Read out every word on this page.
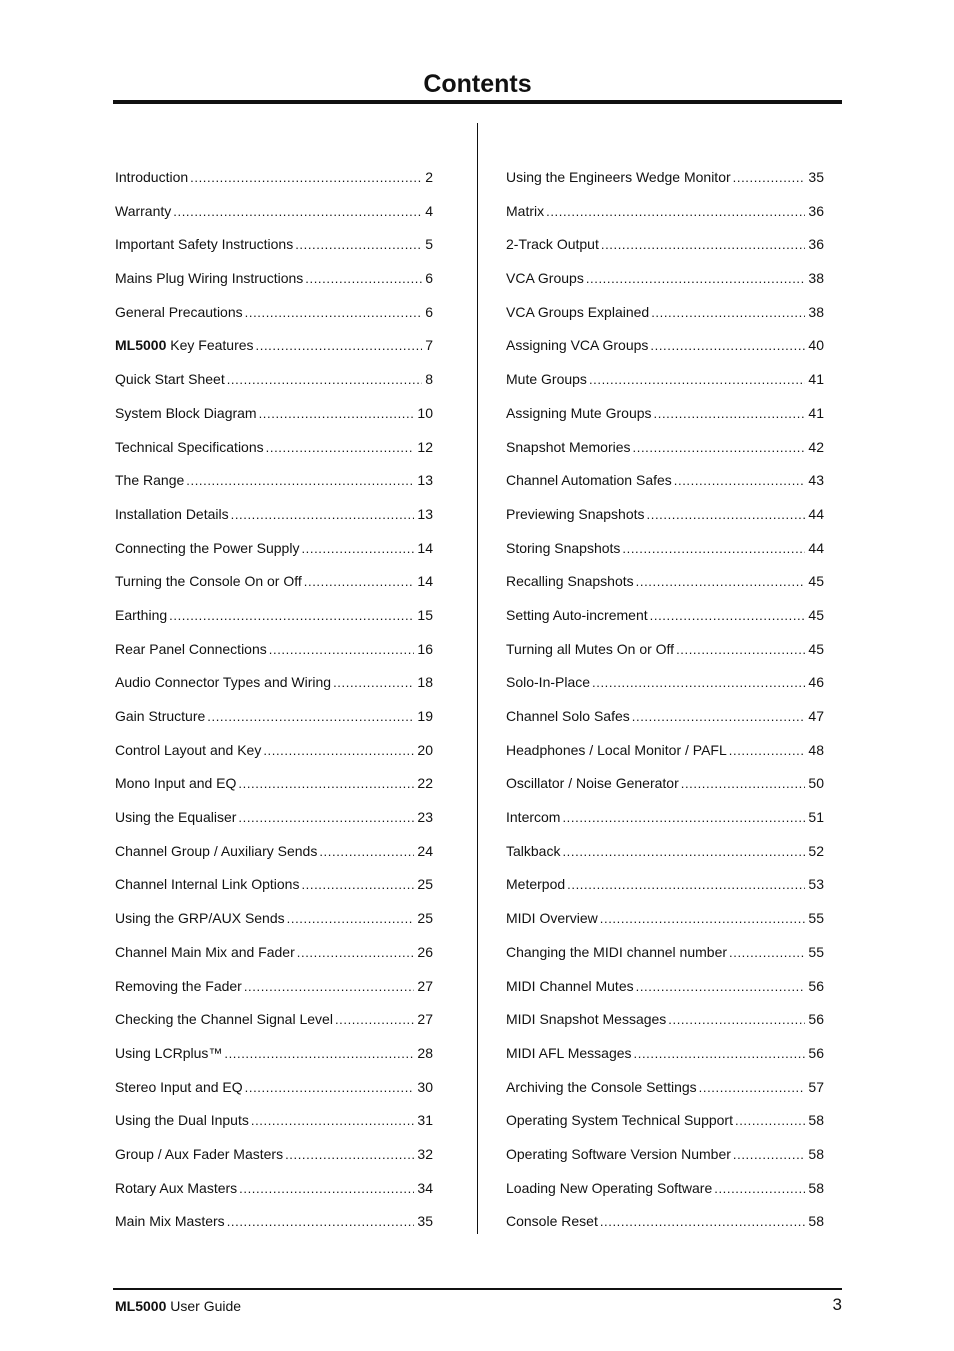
Contents
Introduction .....	2
Warranty .....	4
Important Safety Instructions .....	5
Mains Plug Wiring Instructions .....	6
General Precautions .....	6
ML5000 Key Features .....	7
Quick Start Sheet .....	8
System Block Diagram .....	10
Technical Specifications .....	12
The Range .....	13
Installation Details .....	13
Connecting the Power Supply .....	14
Turning the Console On or Off .....	14
Earthing .....	15
Rear Panel Connections .....	16
Audio Connector Types and Wiring .....	18
Gain Structure .....	19
Control Layout and Key .....	20
Mono Input and EQ .....	22
Using the Equaliser .....	23
Channel Group / Auxiliary Sends .....	24
Channel Internal Link Options .....	25
Using the GRP/AUX Sends .....	25
Channel Main Mix and Fader .....	26
Removing the Fader .....	27
Checking the Channel Signal Level .....	27
Using LCRplus™ .....	28
Stereo Input and EQ .....	30
Using the Dual Inputs .....	31
Group / Aux Fader Masters .....	32
Rotary Aux Masters .....	34
Main Mix Masters .....	35
Using the Engineers Wedge Monitor .....	35
Matrix .....	36
2-Track Output .....	36
VCA Groups .....	38
VCA Groups Explained .....	38
Assigning VCA Groups .....	40
Mute Groups .....	41
Assigning Mute Groups .....	41
Snapshot Memories .....	42
Channel Automation Safes .....	43
Previewing Snapshots .....	44
Storing Snapshots .....	44
Recalling Snapshots .....	45
Setting Auto-increment .....	45
Turning all Mutes On or Off .....	45
Solo-In-Place .....	46
Channel Solo Safes .....	47
Headphones / Local Monitor / PAFL .....	48
Oscillator / Noise Generator .....	50
Intercom .....	51
Talkback .....	52
Meterpod .....	53
MIDI Overview .....	55
Changing the MIDI channel number .....	55
MIDI Channel Mutes .....	56
MIDI Snapshot Messages .....	56
MIDI AFL Messages .....	56
Archiving the Console Settings .....	57
Operating System Technical Support .....	58
Operating Software Version Number .....	58
Loading New Operating Software .....	58
Console Reset .....	58
ML5000 User Guide	3
